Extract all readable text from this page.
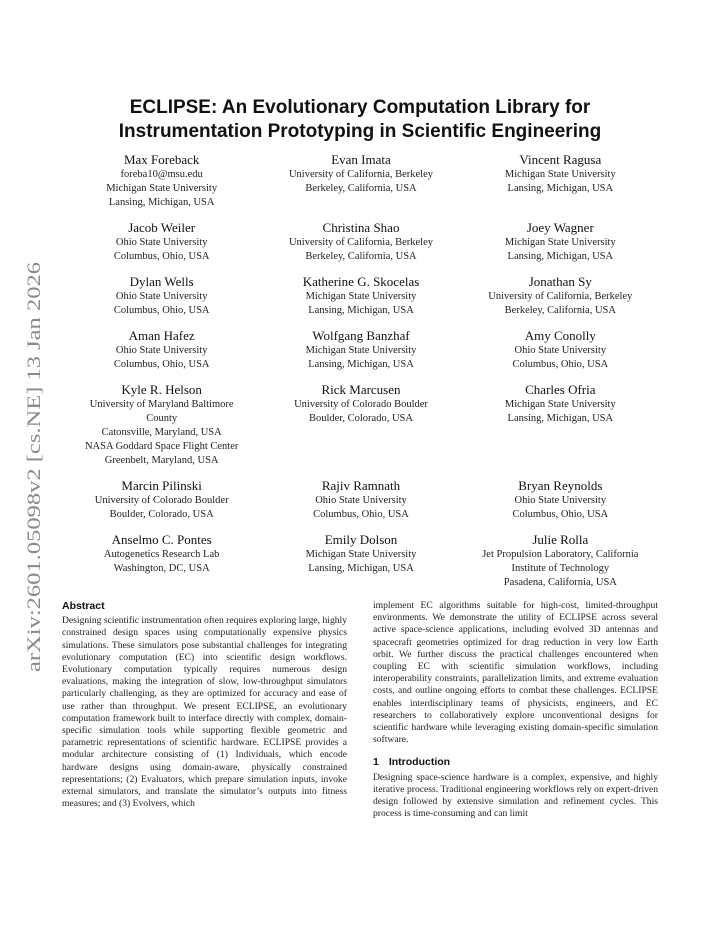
arXiv:2601.05098v2 [cs.NE] 13 Jan 2026
ECLIPSE: An Evolutionary Computation Library for
Instrumentation Prototyping in Scientific Engineering
Max Foreback
foreba10@msu.edu
Michigan State University
Lansing, Michigan, USA
Evan Imata
University of California, Berkeley
Berkeley, California, USA
Vincent Ragusa
Michigan State University
Lansing, Michigan, USA
Jacob Weiler
Ohio State University
Columbus, Ohio, USA
Christina Shao
University of California, Berkeley
Berkeley, California, USA
Joey Wagner
Michigan State University
Lansing, Michigan, USA
Dylan Wells
Ohio State University
Columbus, Ohio, USA
Katherine G. Skocelas
Michigan State University
Lansing, Michigan, USA
Jonathan Sy
University of California, Berkeley
Berkeley, California, USA
Aman Hafez
Ohio State University
Columbus, Ohio, USA
Wolfgang Banzhaf
Michigan State University
Lansing, Michigan, USA
Amy Conolly
Ohio State University
Columbus, Ohio, USA
Kyle R. Helson
University of Maryland Baltimore
County
Catonsville, Maryland, USA
NASA Goddard Space Flight Center
Greenbelt, Maryland, USA
Rick Marcusen
University of Colorado Boulder
Boulder, Colorado, USA
Charles Ofria
Michigan State University
Lansing, Michigan, USA
Marcin Pilinski
University of Colorado Boulder
Boulder, Colorado, USA
Rajiv Ramnath
Ohio State University
Columbus, Ohio, USA
Bryan Reynolds
Ohio State University
Columbus, Ohio, USA
Anselmo C. Pontes
Autogenetics Research Lab
Washington, DC, USA
Emily Dolson
Michigan State University
Lansing, Michigan, USA
Julie Rolla
Jet Propulsion Laboratory, California
Institute of Technology
Pasadena, California, USA
Abstract

Designing scientific instrumentation often requires exploring large, highly constrained design spaces using computationally expensive physics simulations. These simulators pose substantial challenges for integrating evolutionary computation (EC) into scientific design workflows. Evolutionary computation typically requires numerous design evaluations, making the integration of slow, low-throughput simulators particularly challenging, as they are optimized for accuracy and ease of use rather than throughput. We present ECLIPSE, an evolutionary computation framework built to interface directly with complex, domain-specific simulation tools while supporting flexible geometric and parametric representations of scientific hardware. ECLIPSE provides a modular architecture consisting of (1) Individuals, which encode hardware designs using domain-aware, physically constrained representations; (2) Evaluators, which prepare simulation inputs, invoke external simulators, and translate the simulator’s outputs into fitness measures; and (3) Evolvers, which

implement EC algorithms suitable for high-cost, limited-throughput environments. We demonstrate the utility of ECLIPSE across several active space-science applications, including evolved 3D antennas and spacecraft geometries optimized for drag reduction in very low Earth orbit. We further discuss the practical challenges encountered when coupling EC with scientific simulation workflows, including interoperability constraints, parallelization limits, and extreme evaluation costs, and outline ongoing efforts to combat these challenges. ECLIPSE enables interdisciplinary teams of physicists, engineers, and EC researchers to collaboratively explore unconventional designs for scientific hardware while leveraging existing domain-specific simulation software.

1 Introduction

Designing space-science hardware is a complex, expensive, and highly iterative process. Traditional engineering workflows rely on expert-driven design followed by extensive simulation and refinement cycles. This process is time-consuming and can limit
